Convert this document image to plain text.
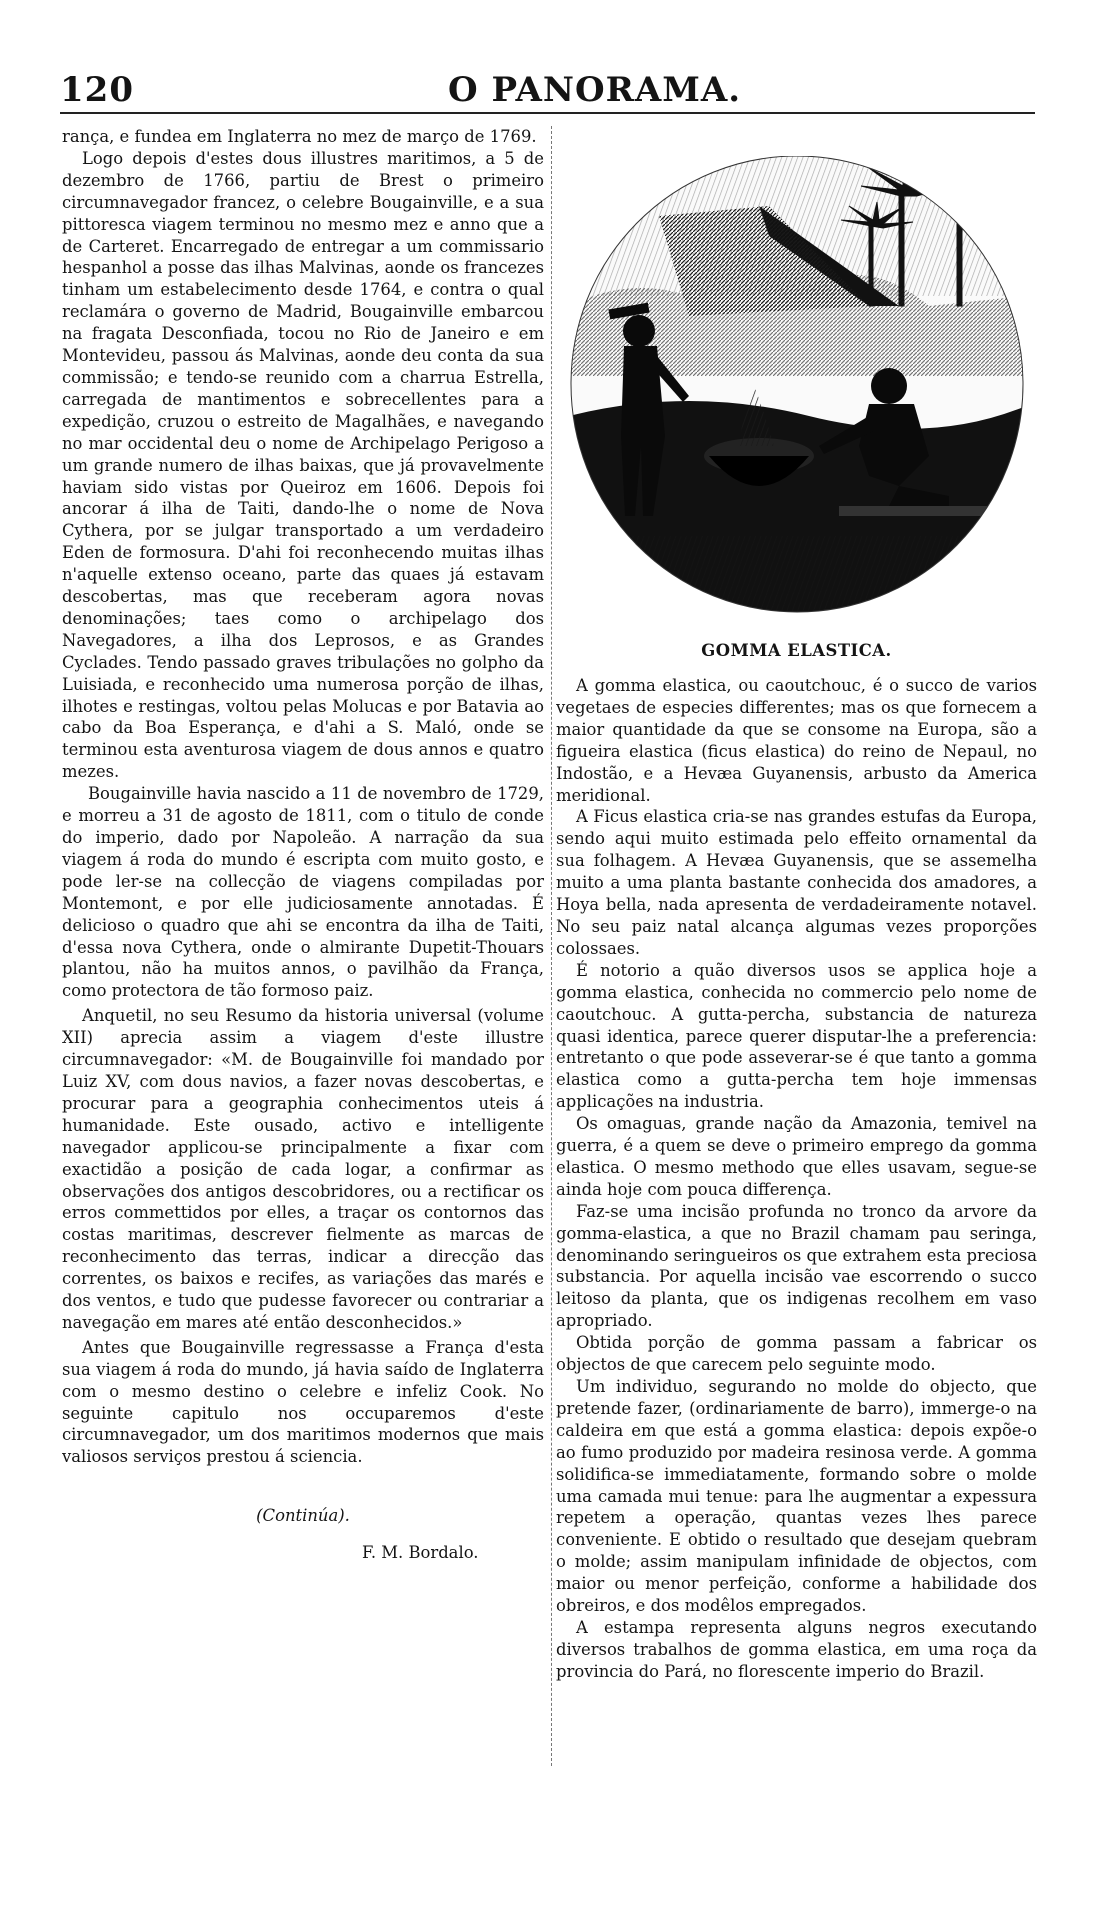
120	O PANORAMA.

rança, e fundea em Inglaterra no mez de março de 1769.

Logo depois d'estes dous illustres maritimos, a 5 de dezembro de 1766, partiu de Brest o primeiro circumnavegador francez, o celebre Bougainville, e a sua pittoresca viagem terminou no mesmo mez e anno que a de Carteret. Encarregado de entregar a um commissario hespanhol a posse das ilhas Malvinas, aonde os francezes tinham um estabelecimento desde 1764, e contra o qual reclamára o governo de Madrid, Bougainville embarcou na fragata Desconfiada, tocou no Rio de Janeiro e em Montevideu, passou ás Malvinas, aonde deu conta da sua commissão; e tendo-se reunido com a charrua Estrella, carregada de mantimentos e sobrecellentes para a expedição, cruzou o estreito de Magalhães, e navegando no mar occidental deu o nome de Archipelago Perigoso a um grande numero de ilhas baixas, que já provavelmente haviam sido vistas por Queiroz em 1606. Depois foi ancorar á ilha de Taiti, dando-lhe o nome de Nova Cythera, por se julgar transportado a um verdadeiro Eden de formosura. D'ahi foi reconhecendo muitas ilhas n'aquelle extenso oceano, parte das quaes já estavam descobertas, mas que receberam agora novas denominações; taes como o archipelago dos Navegadores, a ilha dos Leprosos, e as Grandes Cyclades. Tendo passado graves tribulações no golpho da Luisiada, e reconhecido uma numerosa porção de ilhas, ilhotes e restingas, voltou pelas Molucas e por Batavia ao cabo da Boa Esperança, e d'ahi a S. Maló, onde se terminou esta aventurosa viagem de dous annos e quatro mezes.

Bougainville havia nascido a 11 de novembro de 1729, e morreu a 31 de agosto de 1811, com o titulo de conde do imperio, dado por Napoleão. A narração da sua viagem á roda do mundo é escripta com muito gosto, e pode ler-se na collecção de viagens compiladas por Montemont, e por elle judiciosamente annotadas. É delicioso o quadro que ahi se encontra da ilha de Taiti, d'essa nova Cythera, onde o almirante Dupetit-Thouars plantou, não ha muitos annos, o pavilhão da França, como protectora de tão formoso paiz.

Anquetil, no seu Resumo da historia universal (volume XII) aprecia assim a viagem d'este illustre circumnavegador: «M. de Bougainville foi mandado por Luiz XV, com dous navios, a fazer novas descobertas, e procurar para a geographia conhecimentos uteis á humanidade. Este ousado, activo e intelligente navegador applicou-se principalmente a fixar com exactidão a posição de cada logar, a confirmar as observações dos antigos descobridores, ou a rectificar os erros commettidos por elles, a traçar os contornos das costas maritimas, descrever fielmente as marcas de reconhecimento das terras, indicar a direcção das correntes, os baixos e recifes, as variações das marés e dos ventos, e tudo que pudesse favorecer ou contrariar a navegação em mares até então desconhecidos.»

Antes que Bougainville regressasse a França d'esta sua viagem á roda do mundo, já havia saído de Inglaterra com o mesmo destino o celebre e infeliz Cook. No seguinte capitulo nos occuparemos d'este circumnavegador, um dos maritimos modernos que mais valiosos serviços prestou á sciencia.

(Continúa).
F. M. Bordalo.
GOMMA ELASTICA.

A gomma elastica, ou caoutchouc, é o succo de varios vegetaes de especies differentes; mas os que fornecem a maior quantidade da que se consome na Europa, são a figueira elastica (ficus elastica) do reino de Nepaul, no Indostão, e a Hevæa Guyanensis, arbusto da America meridional.

A Ficus elastica cria-se nas grandes estufas da Europa, sendo aqui muito estimada pelo effeito ornamental da sua folhagem. A Hevæa Guyanensis, que se assemelha muito a uma planta bastante conhecida dos amadores, a Hoya bella, nada apresenta de verdadeiramente notavel. No seu paiz natal alcança algumas vezes proporções colossaes.

É notorio a quão diversos usos se applica hoje a gomma elastica, conhecida no commercio pelo nome de caoutchouc. A gutta-percha, substancia de natureza quasi identica, parece querer disputar-lhe a preferencia: entretanto o que pode asseverar-se é que tanto a gomma elastica como a gutta-percha tem hoje immensas applicações na industria.

Os omaguas, grande nação da Amazonia, temivel na guerra, é a quem se deve o primeiro emprego da gomma elastica. O mesmo methodo que elles usavam, segue-se ainda hoje com pouca differença.

Faz-se uma incisão profunda no tronco da arvore da gomma-elastica, a que no Brazil chamam pau seringa, denominando seringueiros os que extrahem esta preciosa substancia. Por aquella incisão vae escorrendo o succo leitoso da planta, que os indigenas recolhem em vaso apropriado.

Obtida porção de gomma passam a fabricar os objectos de que carecem pelo seguinte modo.

Um individuo, segurando no molde do objecto, que pretende fazer, (ordinariamente de barro), immerge-o na caldeira em que está a gomma elastica: depois expõe-o ao fumo produzido por madeira resinosa verde. A gomma solidifica-se immediatamente, formando sobre o molde uma camada mui tenue: para lhe augmentar a expessura repetem a operação, quantas vezes lhes parece conveniente. E obtido o resultado que desejam quebram o molde; assim manipulam infinidade de objectos, com maior ou menor perfeição, conforme a habilidade dos obreiros, e dos modêlos empregados.

A estampa representa alguns negros executando diversos trabalhos de gomma elastica, em uma roça da provincia do Pará, no florescente imperio do Brazil.
